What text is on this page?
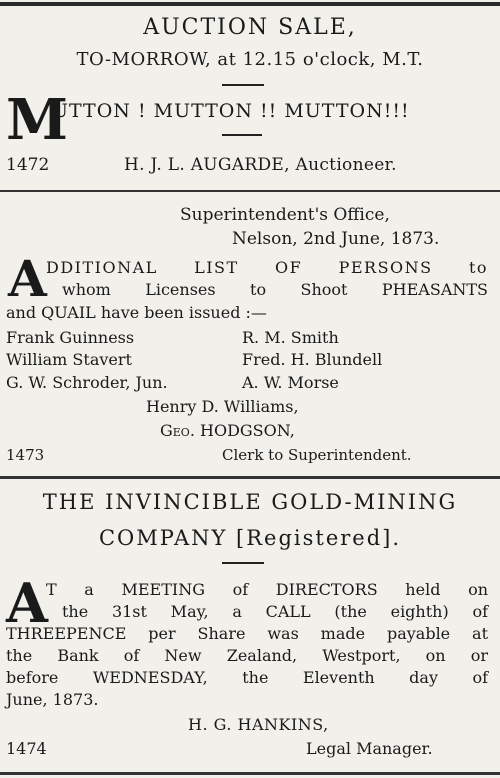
AUCTION SALE,
TO-MORROW, at 12.15 o'clock, M.T.
M
UTTON ! MUTTON !! MUTTON!!!
1472	H. J. L. AUGARDE, Auctioneer.
Superintendent's Office,
Nelson, 2nd June, 1873.
A DDITIONAL LIST OF PERSONS to
whom Licenses to Shoot PHEASANTS
and QUAIL have been issued :—
Frank Guinness	R. M. Smith
William Stavert	Fred. H. Blundell
G. W. Schroder, Jun.	A. W. Morse
Henry D. Williams,
Geo. HODGSON,
1473	Clerk to Superintendent.
THE INVINCIBLE GOLD-MINING
COMPANY [Registered].
A
T a MEETING of DIRECTORS held on
the 31st May, a CALL (the eighth) of
THREEPENCE per Share was made payable at
the Bank of New Zealand, Westport, on or
before WEDNESDAY, the Eleventh day of
June, 1873.
H. G. HANKINS,
1474	Legal Manager.
